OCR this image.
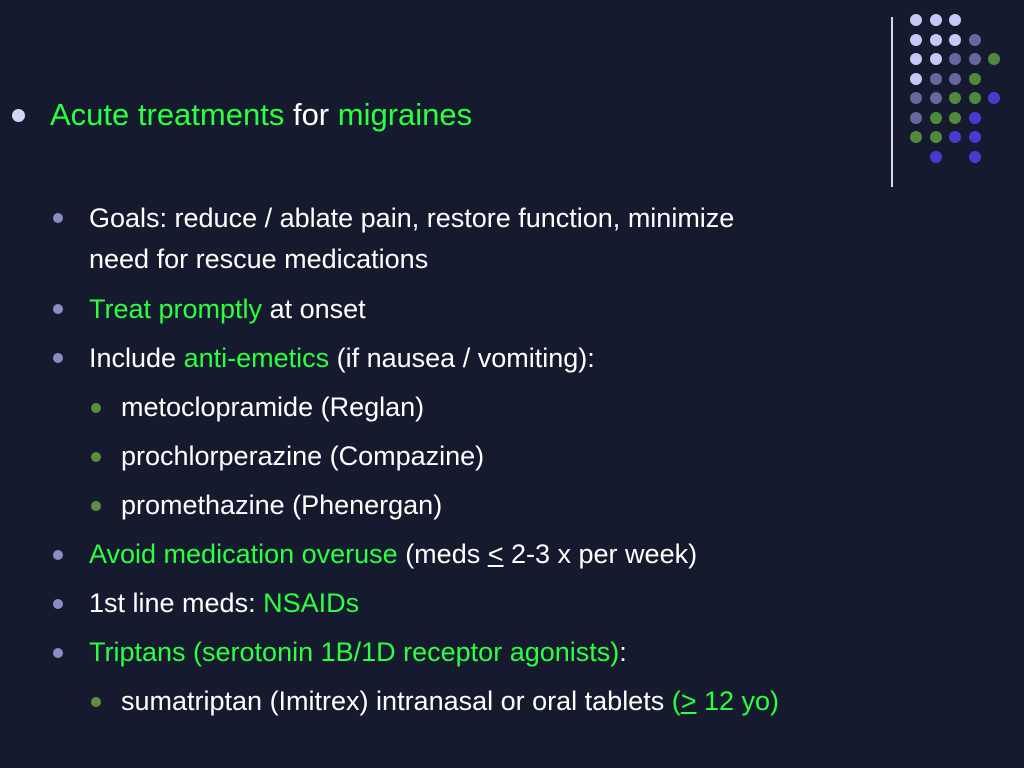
Acute treatments for migraines
Goals: reduce / ablate pain, restore function, minimize
need for rescue medications
Treat promptly at onset
Include anti-emetics (if nausea / vomiting):
metoclopramide (Reglan)
prochlorperazine (Compazine)
promethazine (Phenergan)
Avoid medication overuse (meds ≤ 2-3 x per week)
1st line meds: NSAIDs
Triptans (serotonin 1B/1D receptor agonists):
sumatriptan (Imitrex) intranasal or oral tablets (≥ 12 yo)
